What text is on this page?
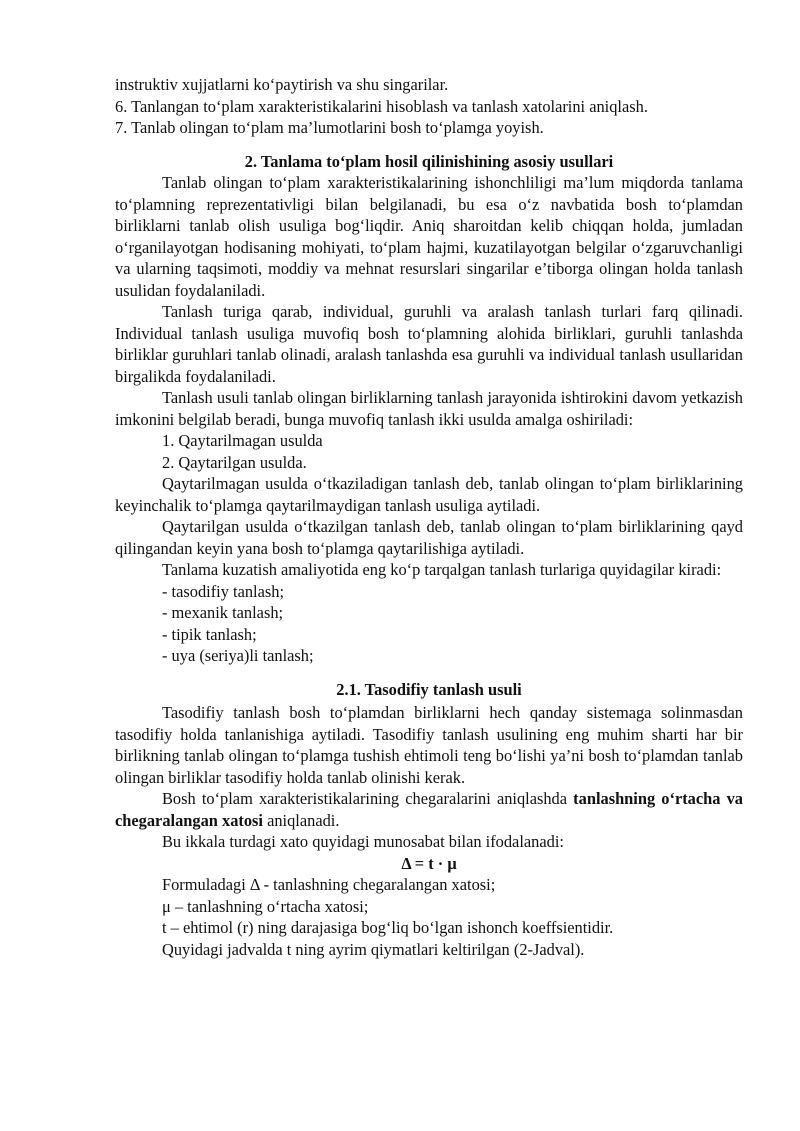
instruktiv xujjatlarni ko‘paytirish va shu singarilar.

6. Tanlangan to‘plam xarakteristikalarini hisoblash va tanlash xatolarini aniqlash.

7. Tanlab olingan to‘plam ma’lumotlarini bosh to‘plamga yoyish.

2. Tanlama to‘plam hosil qilinishining asosiy usullari

Tanlab olingan to‘plam xarakteristikalarining ishonchliligi ma’lum miqdorda tanlama to‘plamning reprezentativligi bilan belgilanadi, bu esa o‘z navbatida bosh to‘plamdan birliklarni tanlab olish usuliga bog‘liqdir. Aniq sharoitdan kelib chiqqan holda, jumladan o‘rganilayotgan hodisaning mohiyati, to‘plam hajmi, kuzatilayotgan belgilar o‘zgaruvchanligi va ularning taqsimoti, moddiy va mehnat resurslari singarilar e’tiborga olingan holda tanlash usulidan foydalaniladi.

Tanlash turiga qarab, individual, guruhli va aralash tanlash turlari farq qilinadi. Individual tanlash usuliga muvofiq bosh to‘plamning alohida birliklari, guruhli tanlashda birliklar guruhlari tanlab olinadi, aralash tanlashda esa guruhli va individual tanlash usullaridan birgalikda foydalaniladi.

Tanlash usuli tanlab olingan birliklarning tanlash jarayonida ishtirokini davom yetkazish imkonini belgilab beradi, bunga muvofiq tanlash ikki usulda amalga oshiriladi:

1. Qaytarilmagan usulda

2. Qaytarilgan usulda.

Qaytarilmagan usulda o‘tkaziladigan tanlash deb, tanlab olingan to‘plam birliklarining keyinchalik to‘plamga qaytarilmaydigan tanlash usuliga aytiladi.

Qaytarilgan usulda o‘tkazilgan tanlash deb, tanlab olingan to‘plam birliklarining qayd qilingandan keyin yana bosh to‘plamga qaytarilishiga aytiladi.

Tanlama kuzatish amaliyotida eng ko‘p tarqalgan tanlash turlariga quyidagilar kiradi:

- tasodifiy tanlash;

- mexanik tanlash;

- tipik tanlash;

- uya (seriya)li tanlash;

2.1. Tasodifiy tanlash usuli

Tasodifiy tanlash bosh to‘plamdan birliklarni hech qanday sistemaga solinmasdan tasodifiy holda tanlanishiga aytiladi. Tasodifiy tanlash usulining eng muhim sharti har bir birlikning tanlab olingan to‘plamga tushish ehtimoli teng bo‘lishi ya’ni bosh to‘plamdan tanlab olingan birliklar tasodifiy holda tanlab olinishi kerak.

Bosh to‘plam xarakteristikalarining chegaralarini aniqlashda tanlashning o‘rtacha va chegaralangan xatosi aniqlanadi.

Bu ikkala turdagi xato quyidagi munosabat bilan ifodalanadi:

Δ = t · μ

Formuladagi Δ - tanlashning chegaralangan xatosi;

μ – tanlashning o‘rtacha xatosi;

t – ehtimol (r) ning darajasiga bog‘liq bo‘lgan ishonch koeffsientidir.

Quyidagi jadvalda t ning ayrim qiymatlari keltirilgan (2-Jadval).
